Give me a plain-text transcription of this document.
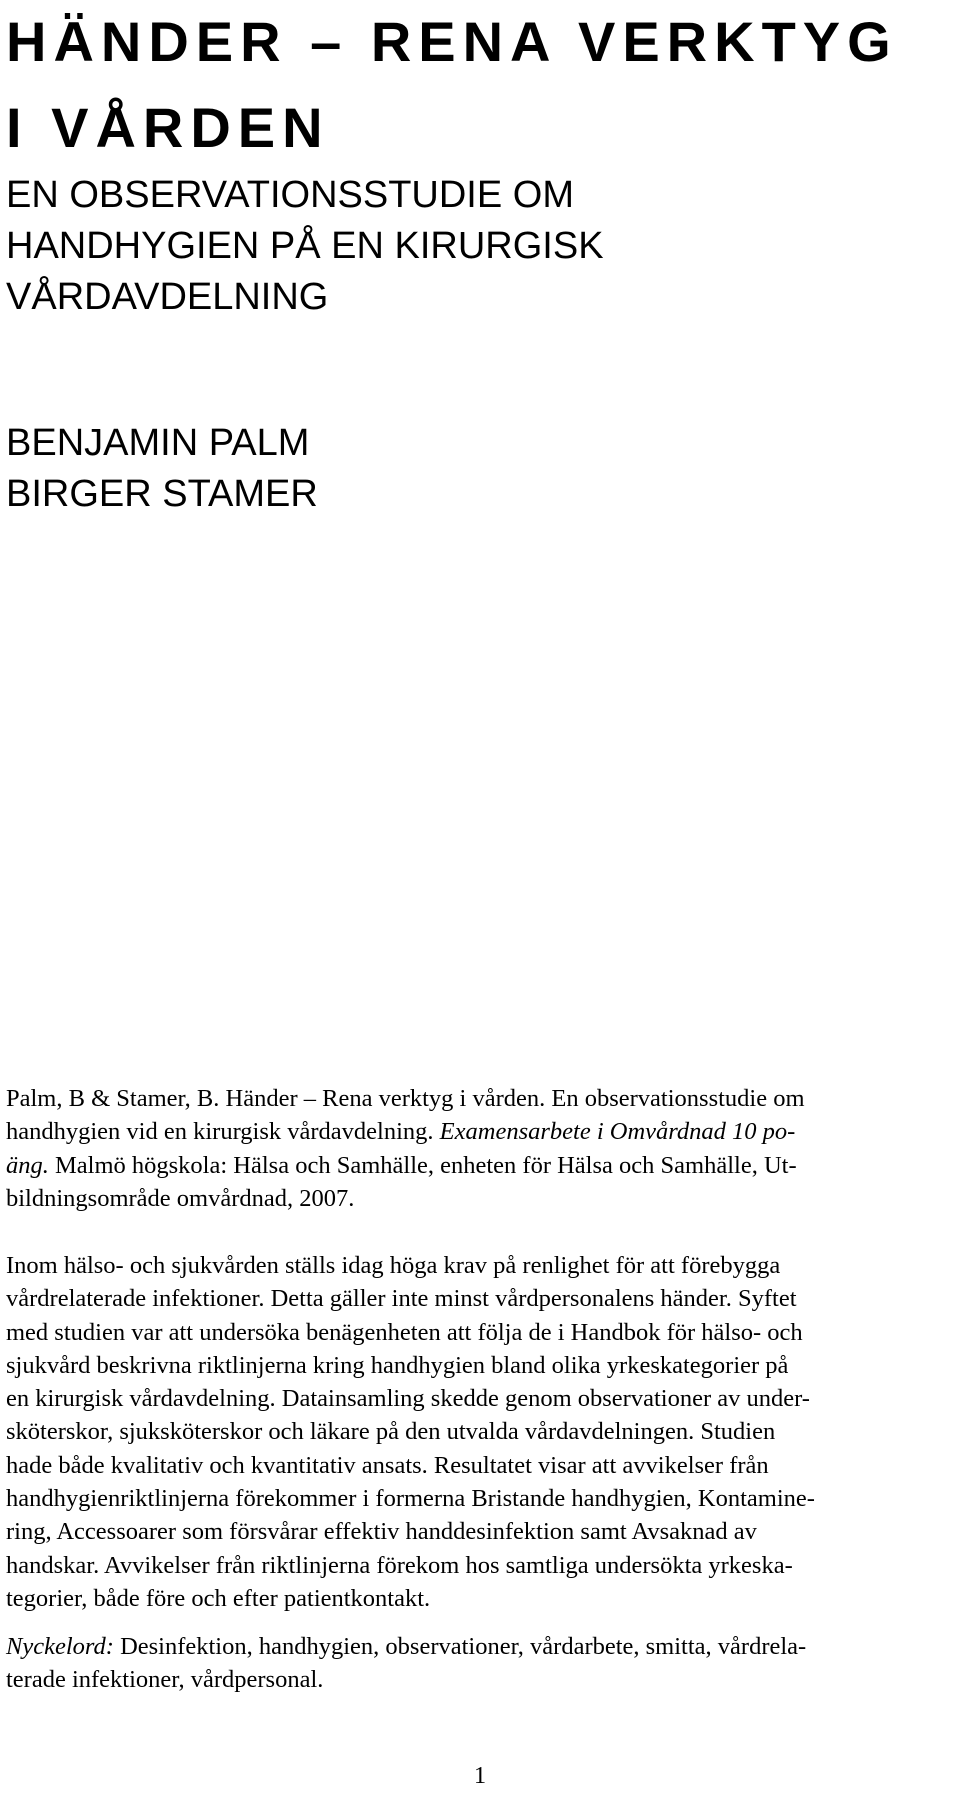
HÄNDER – RENA VERKTYG
I VÅRDEN
EN OBSERVATIONSSTUDIE OM
HANDHYGIEN PÅ EN KIRURGISK
VÅRDAVDELNING
BENJAMIN PALM
BIRGER STAMER
Palm, B & Stamer, B. Händer – Rena verktyg i vården. En observationsstudie om
handhygien vid en kirurgisk vårdavdelning. Examensarbete i Omvårdnad 10 po-
äng. Malmö högskola: Hälsa och Samhälle, enheten för Hälsa och Samhälle, Ut-
bildningsområde omvårdnad, 2007.
Inom hälso- och sjukvården ställs idag höga krav på renlighet för att förebygga
vårdrelaterade infektioner. Detta gäller inte minst vårdpersonalens händer. Syftet
med studien var att undersöka benägenheten att följa de i Handbok för hälso- och
sjukvård beskrivna riktlinjerna kring handhygien bland olika yrkeskategorier på
en kirurgisk vårdavdelning. Datainsamling skedde genom observationer av under-
sköterskor, sjuksköterskor och läkare på den utvalda vårdavdelningen. Studien
hade både kvalitativ och kvantitativ ansats. Resultatet visar att avvikelser från
handhygienriktlinjerna förekommer i formerna Bristande handhygien, Kontamine-
ring, Accessoarer som försvårar effektiv handdesinfektion samt Avsaknad av
handskar. Avvikelser från riktlinjerna förekom hos samtliga undersökta yrkeska-
tegorier, både före och efter patientkontakt.
Nyckelord: Desinfektion, handhygien, observationer, vårdarbete, smitta, vårdrela-
terade infektioner, vårdpersonal.
1
